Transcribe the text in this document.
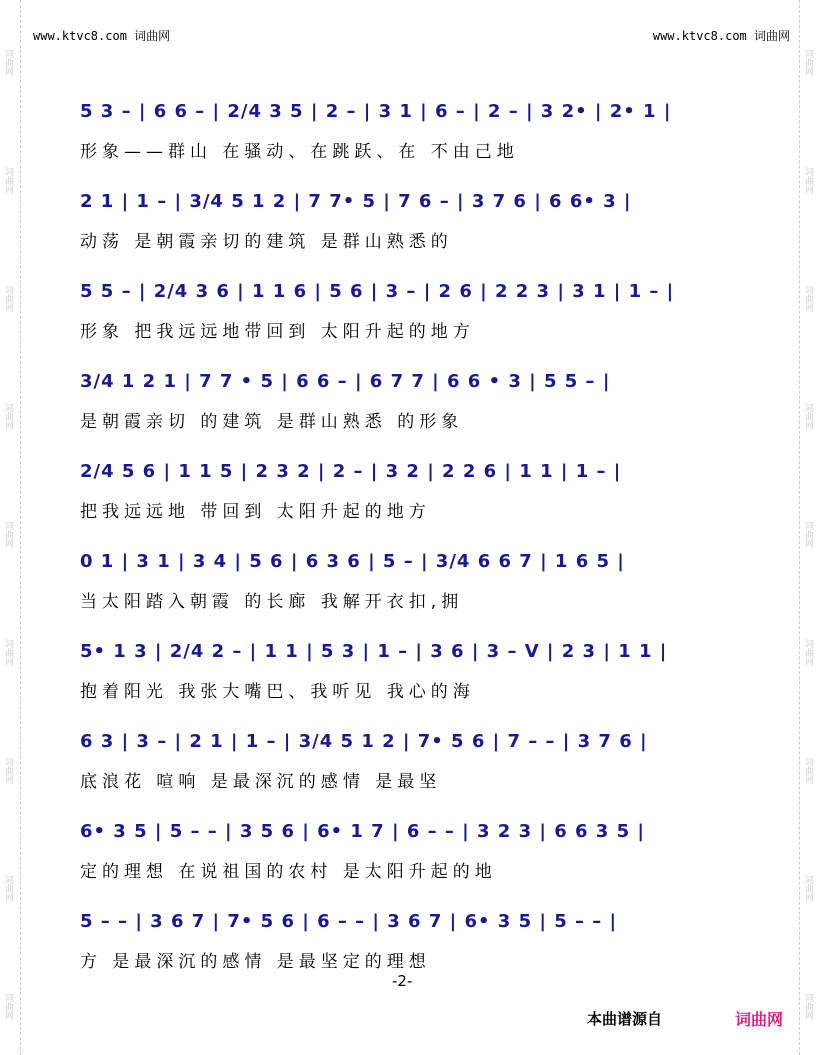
词曲网
词曲网
词曲网
词曲网
词曲网
词曲网
词曲网
词曲网
词曲网
词曲网
词曲网
词曲网
词曲网
词曲网
词曲网
词曲网
词曲网
词曲网
www.ktvc8.com 词曲网	www.ktvc8.com 词曲网
5 3 – | 6 6 – | 2/4 3 5 | 2 – | 3 1 | 6 – | 2 – | 3 2• | 2• 1 |
形象——群山 在骚动、在跳跃、在 不由己地
2 1 | 1 – | 3/4 5 1 2 | 7 7• 5 | 7 6 – | 3 7 6 | 6 6• 3 |
动荡 是朝霞亲切的建筑 是群山熟悉的
5 5 – | 2/4 3 6 | 1 1 6 | 5 6 | 3 – | 2 6 | 2 2 3 | 3 1 | 1 – |
形象 把我远远地带回到 太阳升起的地方
3/4 1 2 1 | 7 7 • 5 | 6 6 – | 6 7 7 | 6 6 • 3 | 5 5 – |
是朝霞亲切 的建筑 是群山熟悉 的形象
2/4 5 6 | 1 1 5 | 2 3 2 | 2 – | 3 2 | 2 2 6 | 1 1 | 1 – |
把我远远地 带回到 太阳升起的地方
0 1 | 3 1 | 3 4 | 5 6 | 6 3 6 | 5 – | 3/4 6 6 7 | 1 6 5 |
当太阳踏入朝霞 的长廊 我解开衣扣,拥
5• 1 3 | 2/4 2 – | 1 1 | 5 3 | 1 – | 3 6 | 3 – V | 2 3 | 1 1 |
抱着阳光 我张大嘴巴、我听见 我心的海
6 3 | 3 – | 2 1 | 1 – | 3/4 5 1 2 | 7• 5 6 | 7 – – | 3 7 6 |
底浪花 喧响 是最深沉的感情 是最坚
6• 3 5 | 5 – – | 3 5 6 | 6• 1 7 | 6 – – | 3 2 3 | 6 6 3 5 |
定的理想 在说祖国的农村 是太阳升起的地
5 – – | 3 6 7 | 7• 5 6 | 6 – – | 3 6 7 | 6• 3 5 | 5 – – |
方 是最深沉的感情 是最坚定的理想
-2-
本曲谱源自	词曲网
